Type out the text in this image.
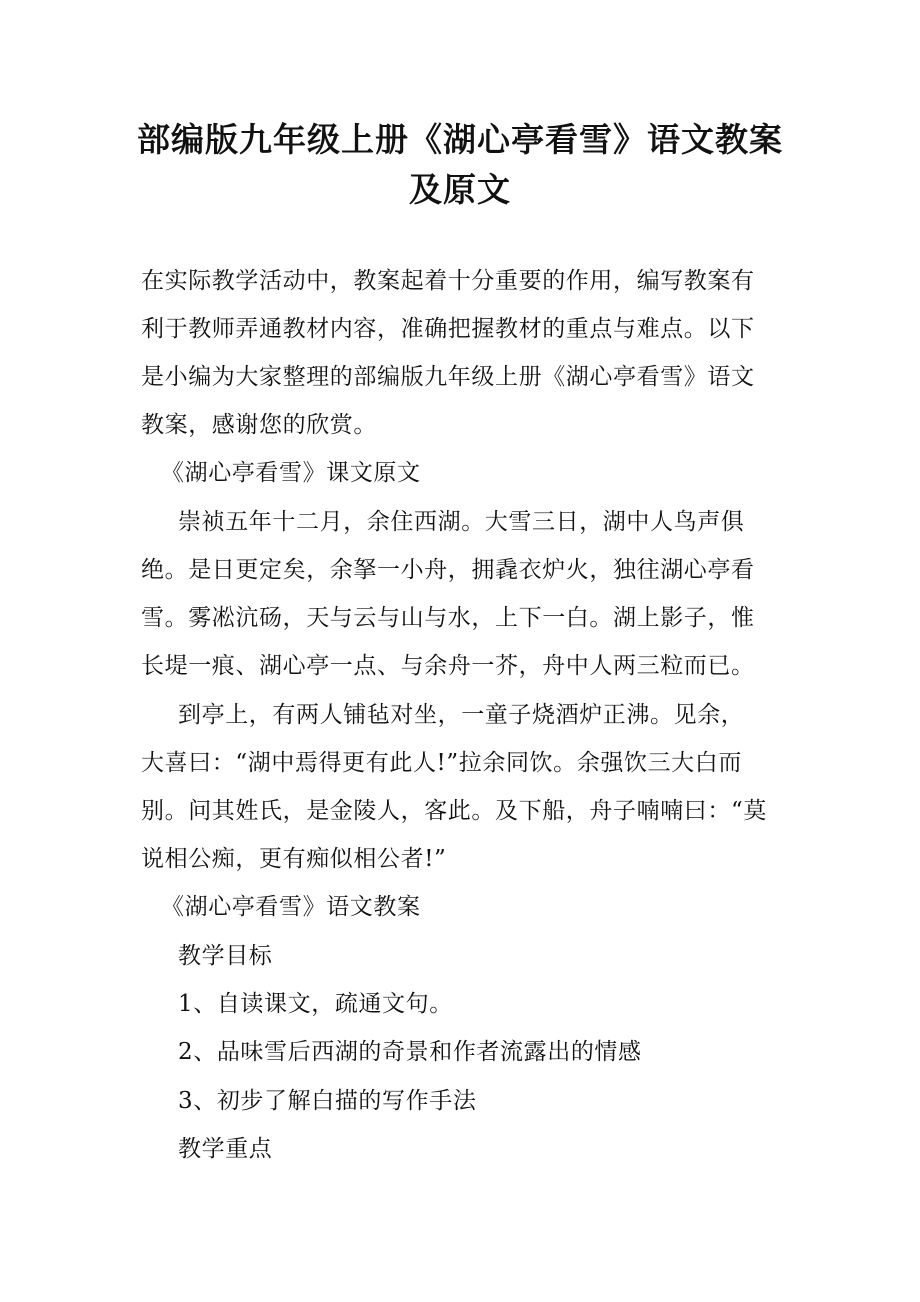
部编版九年级上册《湖心亭看雪》语文教案
及原文
在实际教学活动中，教案起着十分重要的作用，编写教案有
利于教师弄通教材内容，准确把握教材的重点与难点。以下
是小编为大家整理的部编版九年级上册《湖心亭看雪》语文
教案，感谢您的欣赏。
《湖心亭看雪》课文原文
崇祯五年十二月，余住西湖。大雪三日，湖中人鸟声俱
绝。是日更定矣，余拏一小舟，拥毳衣炉火，独往湖心亭看
雪。雾凇沆砀，天与云与山与水，上下一白。湖上影子，惟
长堤一痕、湖心亭一点、与余舟一芥，舟中人两三粒而已。
到亭上，有两人铺毡对坐，一童子烧酒炉正沸。见余，
大喜曰：“湖中焉得更有此人!”拉余同饮。余强饮三大白而
别。问其姓氏，是金陵人，客此。及下船，舟子喃喃曰：“莫
说相公痴，更有痴似相公者!”
《湖心亭看雪》语文教案
教学目标
1、自读课文，疏通文句。
2、品味雪后西湖的奇景和作者流露出的情感
3、初步了解白描的写作手法
教学重点
